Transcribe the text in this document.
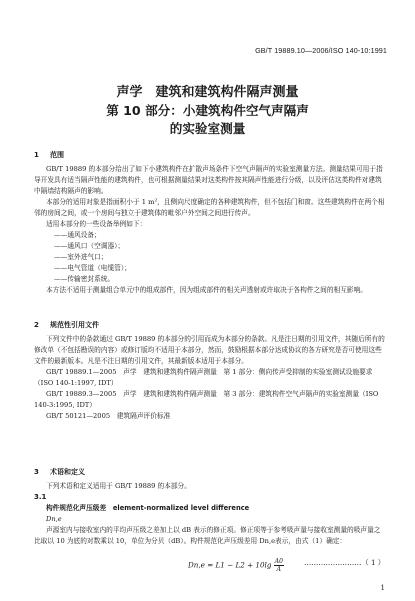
GB/T 19889.10—2006/ISO 140-10:1991
声学　建筑和建筑构件隔声测量
第 10 部分：小建筑构件空气声隔声
的实验室测量

1 范围

GB/T 19889 的本部分给出了如下小建筑构件在扩散声场条件下空气声隔声的实验室测量方法。测量结果可用于指导开发具有适当隔声性能的建筑构件，也可根据测量结果对这类构件按其隔声性能进行分级，以及评估这类构件对建筑中隔墙结构隔声的影响。

本部分的适用对象是指面积小于 1 m²，且侧向尺度确定的各种建筑构件，但不包括门和窗。这些建筑构件在两个相邻的房间之间，或一个房间与独立于建筑体的毗邻户外空间之间进行传声。

适用本部分的一些设备举例如下：

——通风设备；

——通风口（空调器）；

——室外进气口；

——电气管道（电缆管）；

——传输密封系统。

本方法不适用于测量组合单元中的组成部件，因为组成部件的相关声透射或许取决于各构件之间的相互影响。

2 规范性引用文件

下列文件中的条款通过 GB/T 19889 的本部分的引用而成为本部分的条款。凡是注日期的引用文件，其随后所有的修改单（不包括勘误的内容）或修订版均不适用于本部分，然而，鼓励根据本部分达成协议的各方研究是否可使用这些文件的最新版本。凡是不注日期的引用文件，其最新版本适用于本部分。

GB/T 19889.1—2005　声学　建筑和建筑构件隔声测量　第 1 部分：侧向传声受抑制的实验室测试设施要求（ISO 140-1:1997, IDT）

GB/T 19889.3—2005　声学　建筑和建筑构件隔声测量　第 3 部分：建筑构件空气声隔声的实验室测量（ISO 140-3:1995, IDT）

GB/T 50121—2005　建筑隔声评价标准

3 术语和定义

下列术语和定义适用于 GB/T 19889 的本部分。

3.1

构件规范化声压级差　element-normalized level difference

Dn,e

声源室内与接收室内的平均声压级之差加上以 dB 表示的修正项。修正项等于参考吸声量与接收室测量的吸声量之比取以 10 为底的对数乘以 10，单位为分贝（dB）。构件规范化声压级差用 Dn,e表示，由式（1）确定：

$Dn,e = L1 - L2 + 10\lg \frac{A0}{A}$	……………………（ 1 ）
1
